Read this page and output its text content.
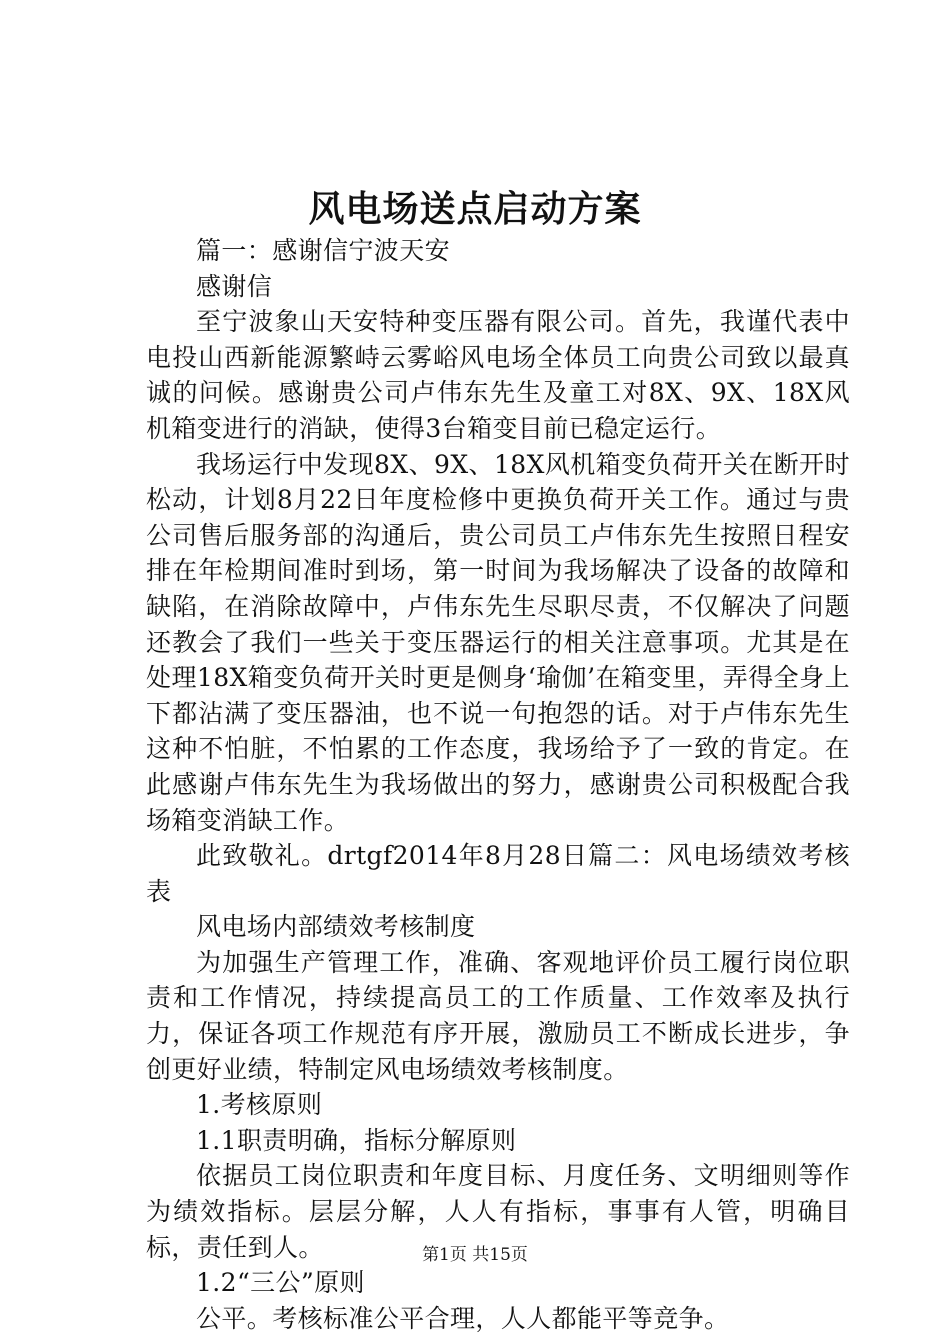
风电场送点启动方案

篇一：感谢信宁波天安

感谢信

至宁波象山天安特种变压器有限公司。首先，我谨代表中电投山西新能源繁峙云雾峪风电场全体员工向贵公司致以最真诚的问候。感谢贵公司卢伟东先生及童工对8X、9X、18X风机箱变进行的消缺，使得3台箱变目前已稳定运行。

我场运行中发现8X、9X、18X风机箱变负荷开关在断开时松动，计划8月22日年度检修中更换负荷开关工作。通过与贵公司售后服务部的沟通后，贵公司员工卢伟东先生按照日程安排在年检期间准时到场，第一时间为我场解决了设备的故障和缺陷，在消除故障中，卢伟东先生尽职尽责，不仅解决了问题还教会了我们一些关于变压器运行的相关注意事项。尤其是在处理18X箱变负荷开关时更是侧身‘瑜伽’在箱变里，弄得全身上下都沾满了变压器油，也不说一句抱怨的话。对于卢伟东先生这种不怕脏，不怕累的工作态度，我场给予了一致的肯定。在此感谢卢伟东先生为我场做出的努力，感谢贵公司积极配合我场箱变消缺工作。

此致敬礼。drtgf2014年8月28日篇二：风电场绩效考核表

风电场内部绩效考核制度

为加强生产管理工作，准确、客观地评价员工履行岗位职责和工作情况，持续提高员工的工作质量、工作效率及执行力，保证各项工作规范有序开展，激励员工不断成长进步，争创更好业绩，特制定风电场绩效考核制度。

1.考核原则

1.1职责明确，指标分解原则

依据员工岗位职责和年度目标、月度任务、文明细则等作为绩效指标。层层分解，人人有指标，事事有人管，明确目标，责任到人。

1.2“三公”原则

公平。考核标准公平合理，人人都能平等竞争。

第1页 共15页
